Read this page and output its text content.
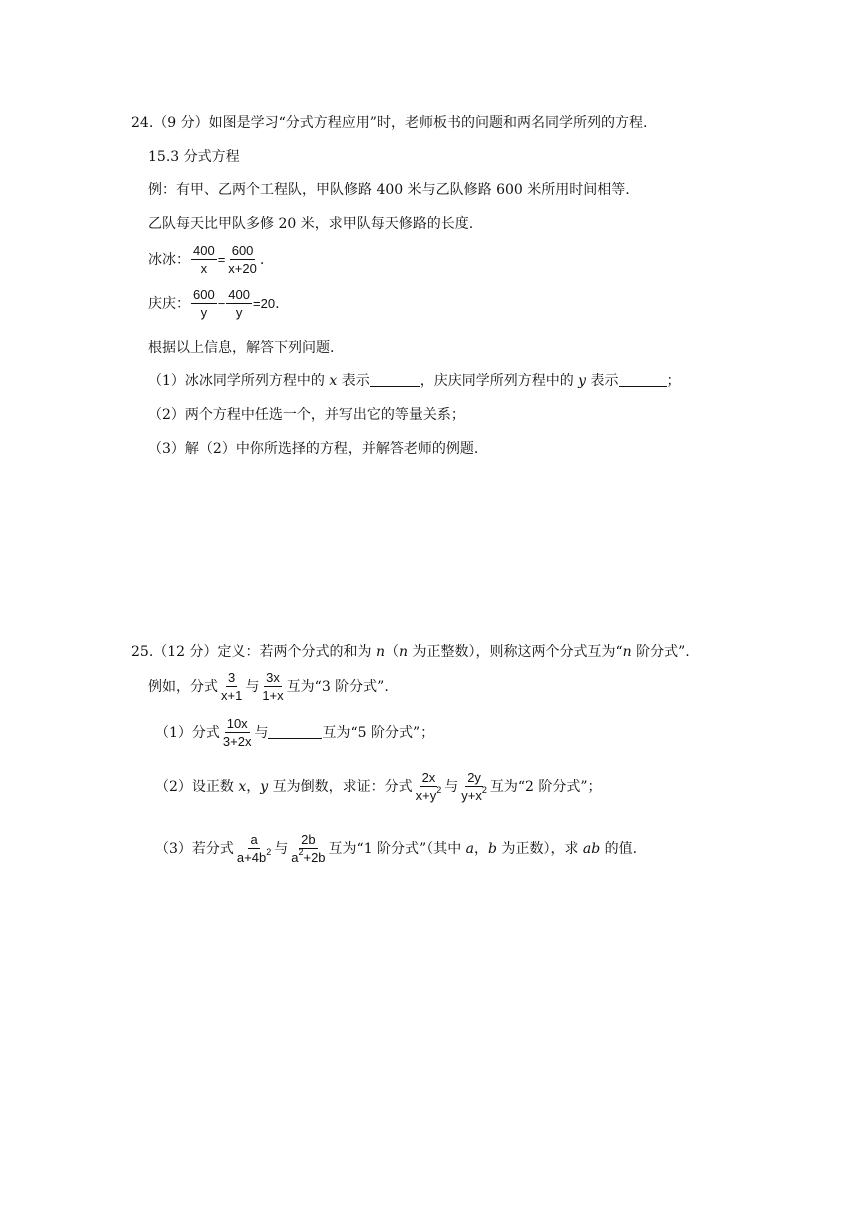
24.（9 分）如图是学习“分式方程应用”时，老师板书的问题和两名同学所列的方程.
15.3 分式方程
例：有甲、乙两个工程队，甲队修路 400 米与乙队修路 600 米所用时间相等.
乙队每天比甲队多修 20 米，求甲队每天修路的长度.
冰冰： $\frac{400}{x} = \frac{600}{x+20}$ .
庆庆： $\frac{600}{y} - \frac{400}{y} =20$.
根据以上信息，解答下列问题.
（1）冰冰同学所列方程中的 x 表示	，庆庆同学所列方程中的 y 表示	；
（2）两个方程中任选一个，并写出它的等量关系；
（3）解（2）中你所选择的方程，并解答老师的例题.
25.（12 分）定义：若两个分式的和为 n（n 为正整数），则称这两个分式互为“n 阶分式”.
例如，分式 $\frac{3}{x+1}$ 与 $\frac{3x}{1+x}$ 互为“3 阶分式”.
（1）分式 $\frac{10x}{3+2x}$ 与	互为“5 阶分式”；
（2）设正数 x，y 互为倒数，求证：分式 $\frac{2x}{x+y^2}$ 与 $\frac{2y}{y+x^2}$ 互为“2 阶分式”；
（3）若分式 $\frac{a}{a+4b^2}$ 与 $\frac{2b}{a^2+2b}$ 互为“1 阶分式”（其中 a，b 为正数），求 ab 的值.
